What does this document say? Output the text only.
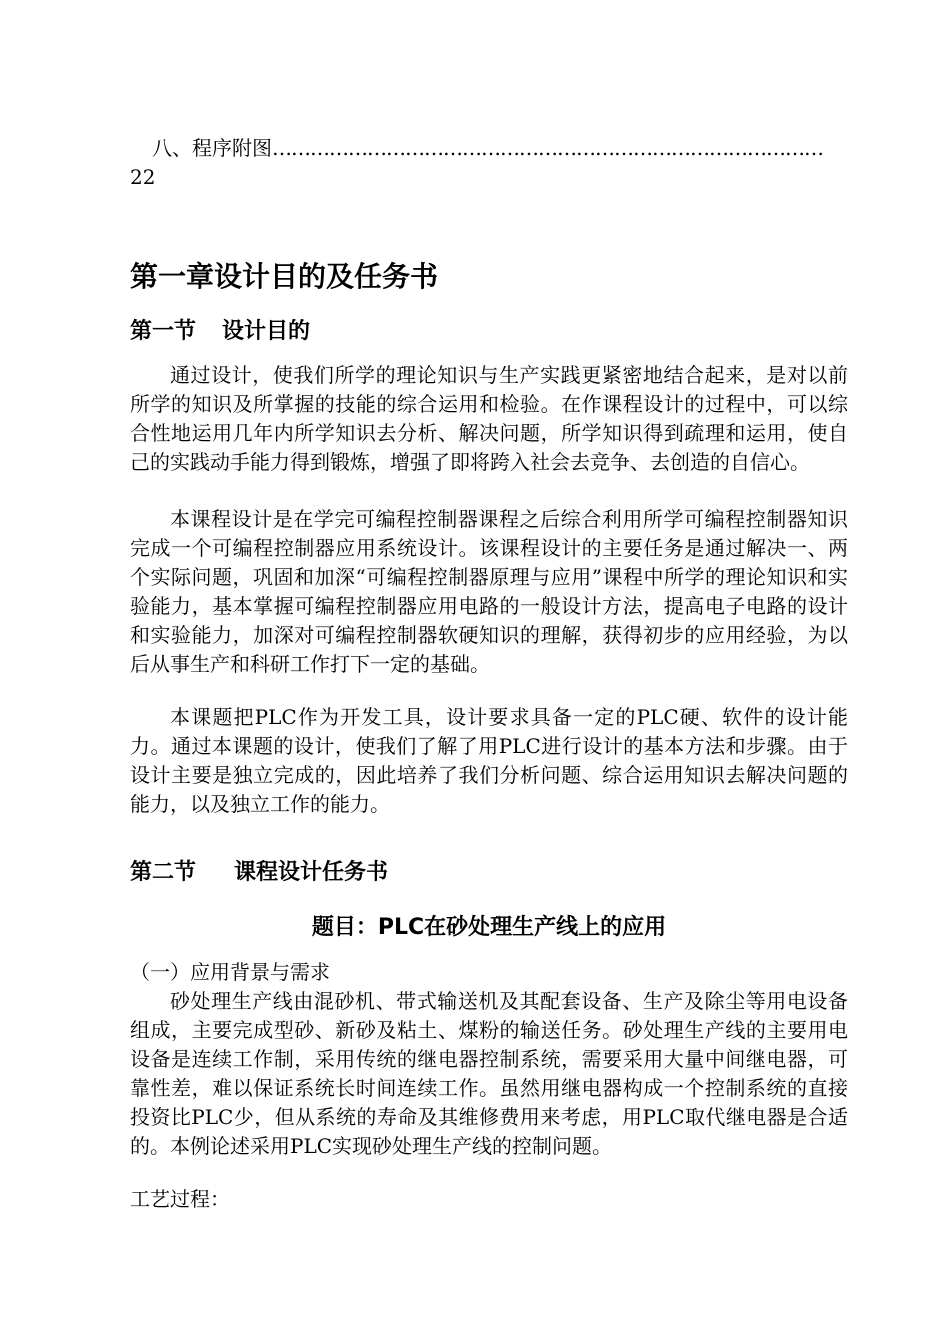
八、程序附图……………………………………………………………………………
22
第一章设计目的及任务书
第一节 设计目的

通过设计，使我们所学的理论知识与生产实践更紧密地结合起来，是对以前所学的知识及所掌握的技能的综合运用和检验。在作课程设计的过程中，可以综合性地运用几年内所学知识去分析、解决问题，所学知识得到疏理和运用，使自己的实践动手能力得到锻炼，增强了即将跨入社会去竞争、去创造的自信心。

本课程设计是在学完可编程控制器课程之后综合利用所学可编程控制器知识完成一个可编程控制器应用系统设计。该课程设计的主要任务是通过解决一、两个实际问题，巩固和加深“可编程控制器原理与应用”课程中所学的理论知识和实验能力，基本掌握可编程控制器应用电路的一般设计方法，提高电子电路的设计和实验能力，加深对可编程控制器软硬知识的理解，获得初步的应用经验，为以后从事生产和科研工作打下一定的基础。

本课题把PLC作为开发工具，设计要求具备一定的PLC硬、软件的设计能力。通过本课题的设计，使我们了解了用PLC进行设计的基本方法和步骤。由于设计主要是独立完成的，因此培养了我们分析问题、综合运用知识去解决问题的能力，以及独立工作的能力。

第二节 课程设计任务书
题目：PLC在砂处理生产线上的应用
（一）应用背景与需求

砂处理生产线由混砂机、带式输送机及其配套设备、生产及除尘等用电设备组成，主要完成型砂、新砂及粘土、煤粉的输送任务。砂处理生产线的主要用电设备是连续工作制，采用传统的继电器控制系统，需要采用大量中间继电器，可靠性差，难以保证系统长时间连续工作。虽然用继电器构成一个控制系统的直接投资比PLC少，但从系统的寿命及其维修费用来考虑，用PLC取代继电器是合适的。本例论述采用PLC实现砂处理生产线的控制问题。

工艺过程：
